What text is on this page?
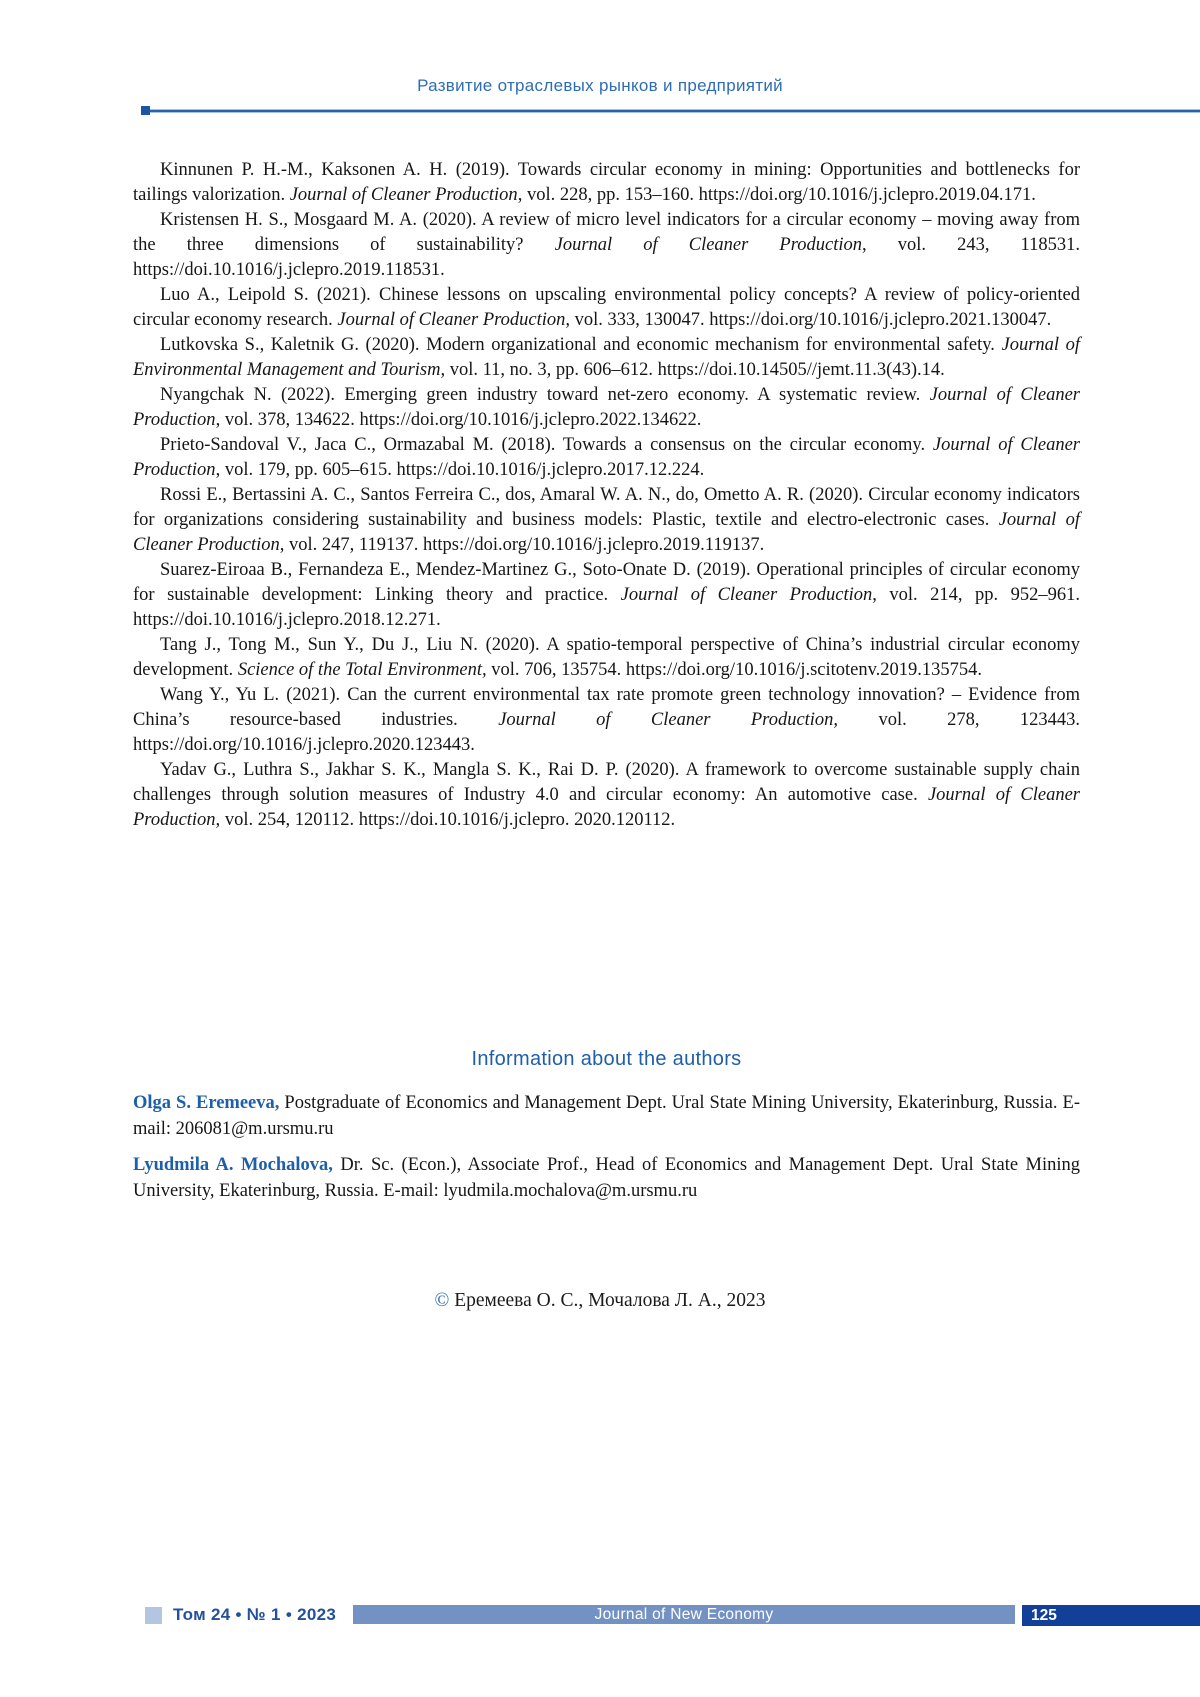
Развитие отраслевых рынков и предприятий

Kinnunen P. H.-M., Kaksonen A. H. (2019). Towards circular economy in mining: Opportunities and bottlenecks for tailings valorization. Journal of Cleaner Production, vol. 228, pp. 153–160. https://doi.org/10.1016/j.jclepro.2019.04.171.

Kristensen H. S., Mosgaard M. A. (2020). A review of micro level indicators for a circular economy – moving away from the three dimensions of sustainability? Journal of Cleaner Production, vol. 243, 118531. https://doi.10.1016/j.jclepro.2019.118531.

Luo A., Leipold S. (2021). Chinese lessons on upscaling environmental policy concepts? A review of policy-oriented circular economy research. Journal of Cleaner Production, vol. 333, 130047. https://doi.org/10.1016/j.jclepro.2021.130047.

Lutkovska S., Kaletnik G. (2020). Modern organizational and economic mechanism for environmental safety. Journal of Environmental Management and Tourism, vol. 11, no. 3, pp. 606–612. https://doi.10.14505//jemt.11.3(43).14.

Nyangchak N. (2022). Emerging green industry toward net-zero economy. A systematic review. Journal of Cleaner Production, vol. 378, 134622. https://doi.org/10.1016/j.jclepro.2022.134622.

Prieto-Sandoval V., Jaca C., Ormazabal M. (2018). Towards a consensus on the circular economy. Journal of Cleaner Production, vol. 179, pp. 605–615. https://doi.10.1016/j.jclepro.2017.12.224.

Rossi E., Bertassini A. C., Santos Ferreira C., dos, Amaral W. A. N., do, Ometto A. R. (2020). Circular economy indicators for organizations considering sustainability and business models: Plastic, textile and electro-electronic cases. Journal of Cleaner Production, vol. 247, 119137. https://doi.org/10.1016/j.jclepro.2019.119137.

Suarez-Eiroaa B., Fernandeza E., Mendez-Martinez G., Soto-Onate D. (2019). Operational principles of circular economy for sustainable development: Linking theory and practice. Journal of Cleaner Production, vol. 214, pp. 952–961. https://doi.10.1016/j.jclepro.2018.12.271.

Tang J., Tong M., Sun Y., Du J., Liu N. (2020). A spatio-temporal perspective of China’s industrial circular economy development. Science of the Total Environment, vol. 706, 135754. https://doi.org/10.1016/j.scitotenv.2019.135754.

Wang Y., Yu L. (2021). Can the current environmental tax rate promote green technology innovation? – Evidence from China’s resource-based industries. Journal of Cleaner Production, vol. 278, 123443. https://doi.org/10.1016/j.jclepro.2020.123443.

Yadav G., Luthra S., Jakhar S. K., Mangla S. K., Rai D. P. (2020). A framework to overcome sustainable supply chain challenges through solution measures of Industry 4.0 and circular economy: An automotive case. Journal of Cleaner Production, vol. 254, 120112. https://doi.10.1016/j.jclepro. 2020.120112.

Information about the authors

Olga S. Eremeeva, Postgraduate of Economics and Management Dept. Ural State Mining University, Ekaterinburg, Russia. E-mail: 206081@m.ursmu.ru

Lyudmila A. Mochalova, Dr. Sc. (Econ.), Associate Prof., Head of Economics and Management Dept. Ural State Mining University, Ekaterinburg, Russia. E-mail: lyudmila.mochalova@m.ursmu.ru

© Еремеева О. С., Мочалова Л. А., 2023
Том 24 • № 1 • 2023	Journal of New Economy	125
